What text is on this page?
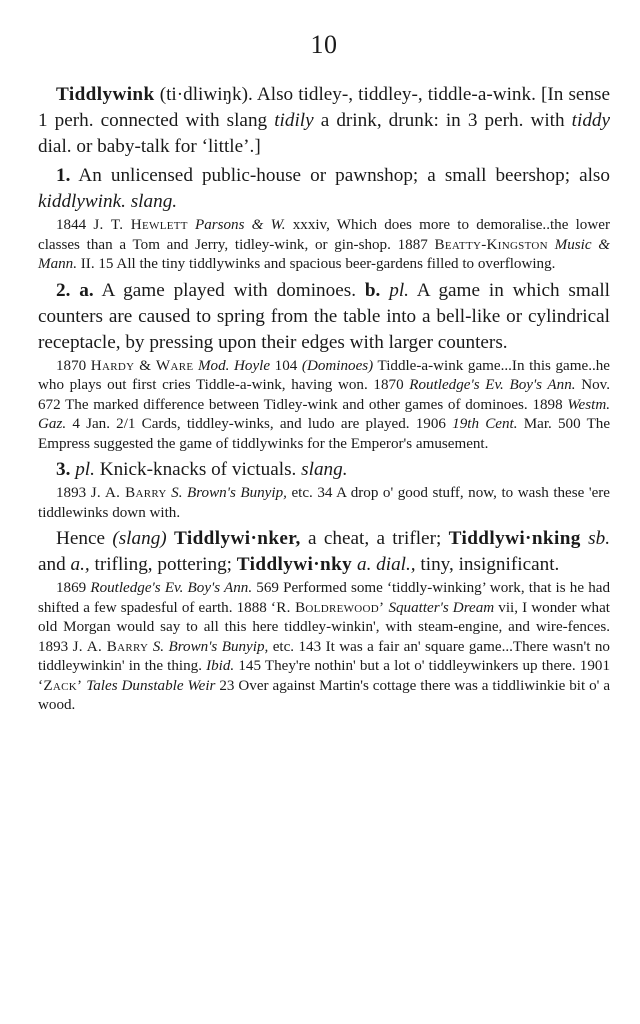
10

Tiddlywink (ti·dliwiŋk). Also tidley-, tiddley-, tiddle-a-wink. [In sense 1 perh. connected with slang tidily a drink, drunk: in 3 perh. with tiddy dial. or baby-talk for ‘little’.]

1. An unlicensed public-house or pawnshop; a small beershop; also kiddlywink. slang.

1844 J. T. Hewlett Parsons & W. xxxiv, Which does more to demoralise..the lower classes than a Tom and Jerry, tidley-wink, or gin-shop. 1887 Beatty-Kingston Music & Mann. II. 15 All the tiny tiddlywinks and spacious beer-gardens filled to overflowing.

2. a. A game played with dominoes. b. pl. A game in which small counters are caused to spring from the table into a bell-like or cylindrical receptacle, by pressing upon their edges with larger counters.

1870 Hardy & Ware Mod. Hoyle 104 (Dominoes) Tiddle-a-wink game...In this game..he who plays out first cries Tiddle-a-wink, having won. 1870 Routledge's Ev. Boy's Ann. Nov. 672 The marked difference between Tidley-wink and other games of dominoes. 1898 Westm. Gaz. 4 Jan. 2/1 Cards, tiddley-winks, and ludo are played. 1906 19th Cent. Mar. 500 The Empress suggested the game of tiddlywinks for the Emperor's amusement.

3. pl. Knick-knacks of victuals. slang.

1893 J. A. Barry S. Brown's Bunyip, etc. 34 A drop o' good stuff, now, to wash these 'ere tiddlewinks down with.

Hence (slang) Tiddlywi·nker, a cheat, a trifler; Tiddlywi·nking sb. and a., trifling, pottering; Tiddlywi·nky a. dial., tiny, insignificant.

1869 Routledge's Ev. Boy's Ann. 569 Performed some ‘tiddly-winking’ work, that is he had shifted a few spadesful of earth. 1888 ‘R. Boldrewood’ Squatter's Dream vii, I wonder what old Morgan would say to all this here tiddley-winkin', with steam-engine, and wire-fences. 1893 J. A. Barry S. Brown's Bunyip, etc. 143 It was a fair an' square game...There wasn't no tiddleywinkin' in the thing. Ibid. 145 They're nothin' but a lot o' tiddleywinkers up there. 1901 ‘Zack’ Tales Dunstable Weir 23 Over against Martin's cottage there was a tiddliwinkie bit o' a wood.
